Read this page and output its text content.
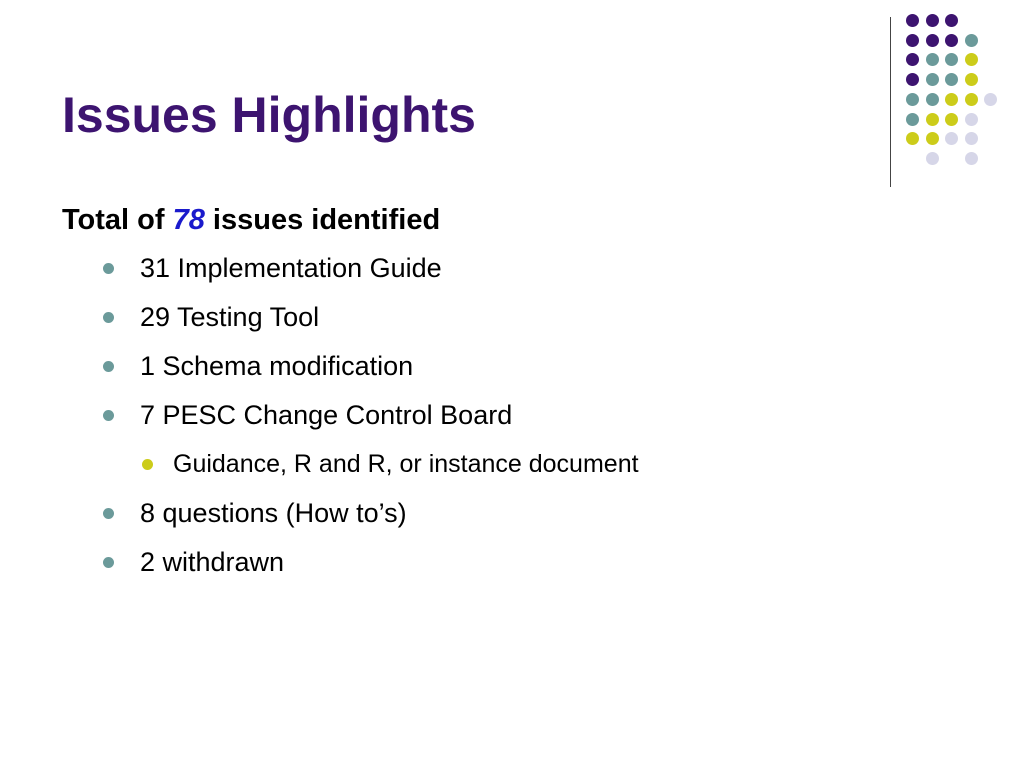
Issues Highlights
Total of 78 issues identified
31 Implementation Guide
29 Testing Tool
1 Schema modification
7 PESC Change Control Board
Guidance, R and R, or instance document
8 questions (How to’s)
2 withdrawn
